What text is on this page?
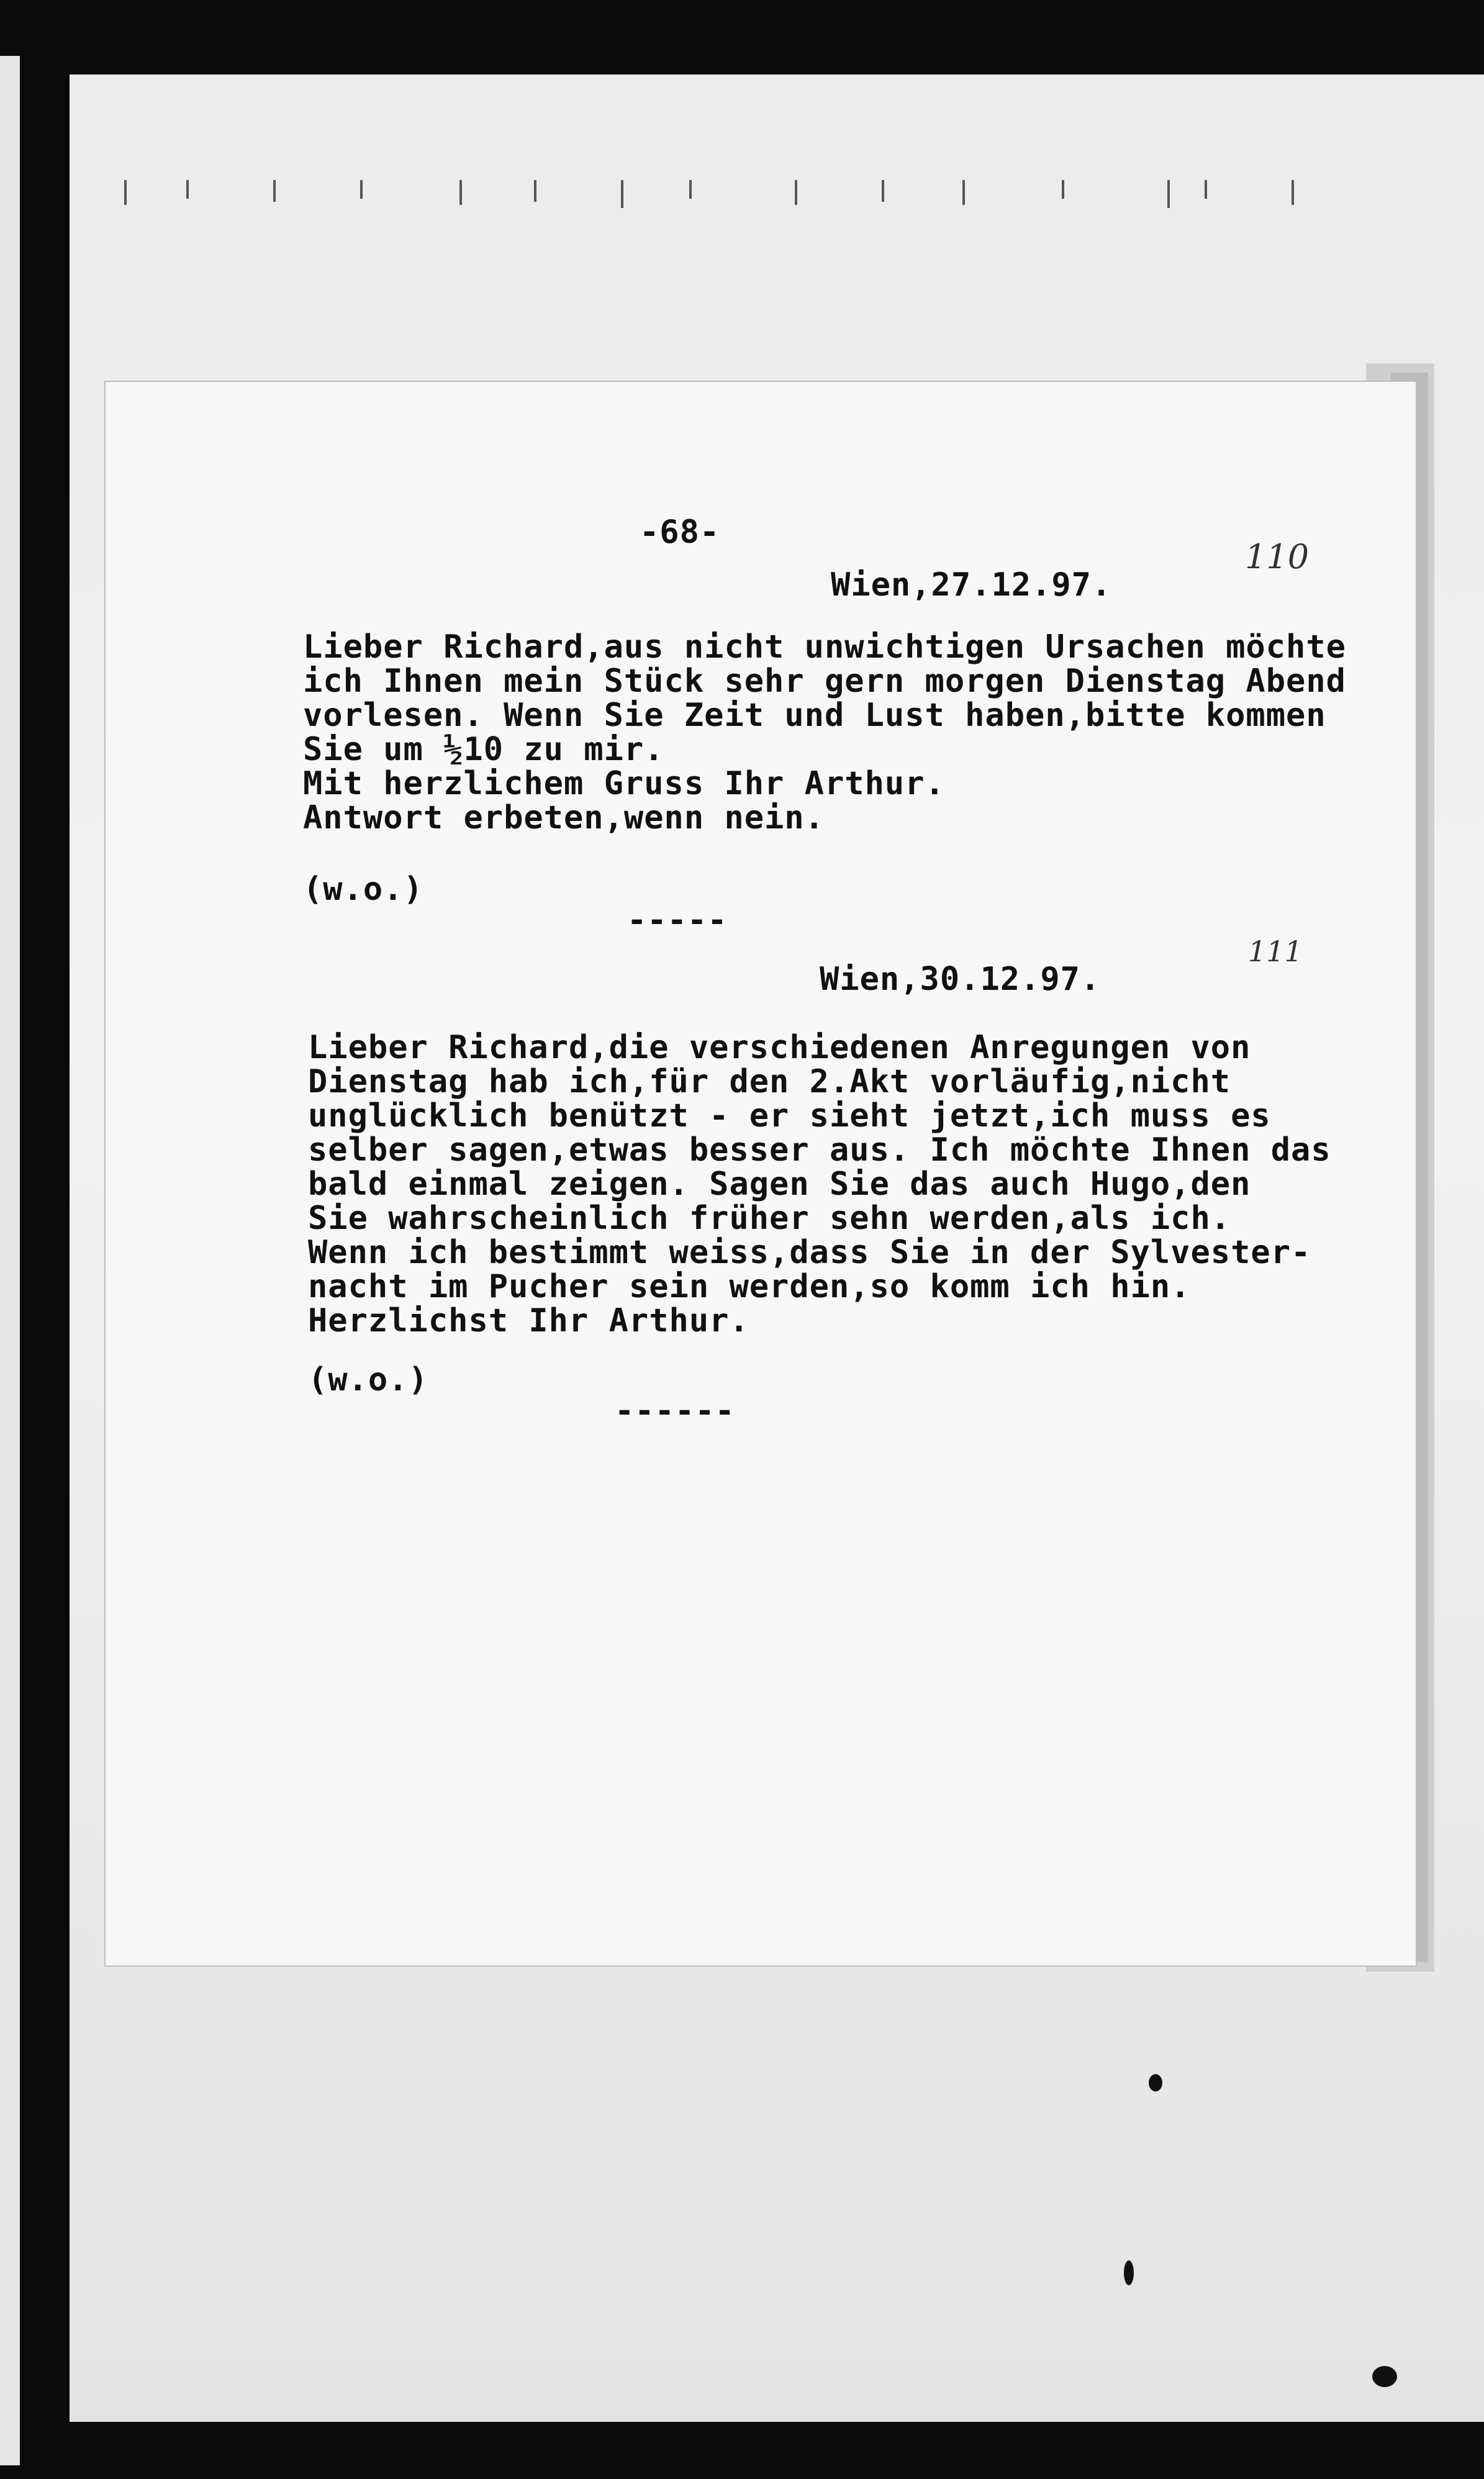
-68-
110
Wien,27.12.97.
Lieber Richard,aus nicht unwichtigen Ursachen möchte
ich Ihnen mein Stück sehr gern morgen Dienstag Abend
vorlesen. Wenn Sie Zeit und Lust haben,bitte kommen
Sie um ½10 zu mir.
Mit herzlichem Gruss Ihr Arthur.
Antwort erbeten,wenn nein.
(w.o.)
-----
111
Wien,30.12.97.
Lieber Richard,die verschiedenen Anregungen von
Dienstag hab ich,für den 2.Akt vorläufig,nicht
unglücklich benützt - er sieht jetzt,ich muss es
selber sagen,etwas besser aus. Ich möchte Ihnen das
bald einmal zeigen. Sagen Sie das auch Hugo,den
Sie wahrscheinlich früher sehn werden,als ich.
Wenn ich bestimmt weiss,dass Sie in der Sylvester-
nacht im Pucher sein werden,so komm ich hin.
Herzlichst Ihr Arthur.
(w.o.)
------
